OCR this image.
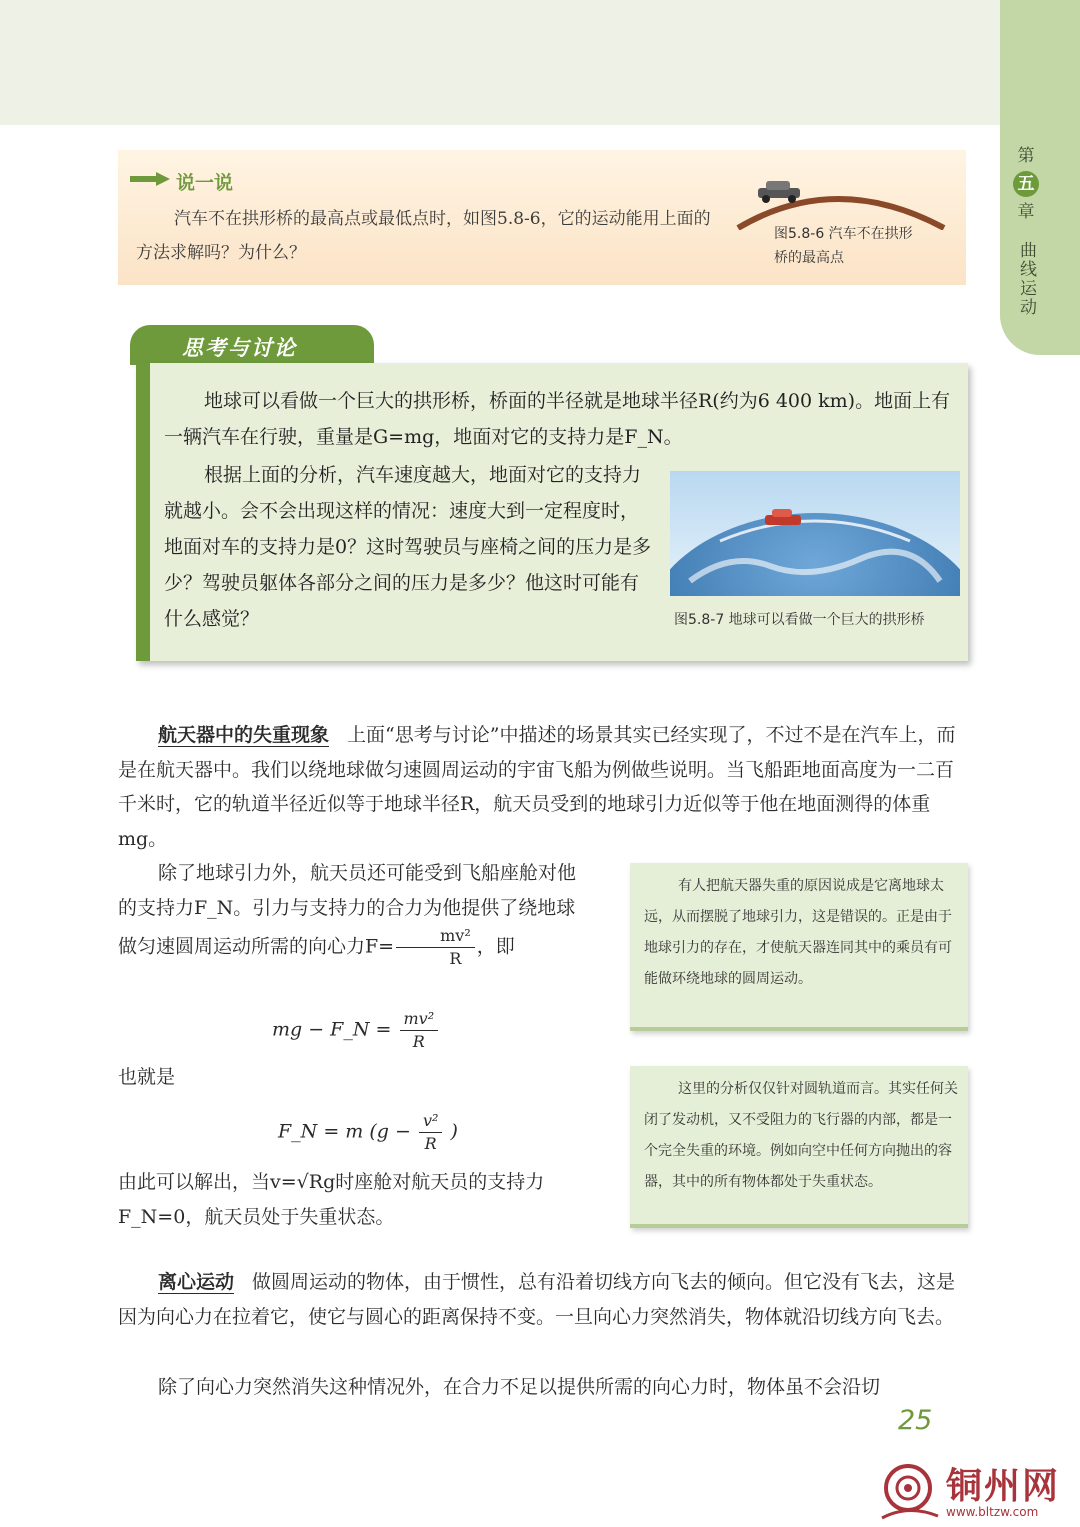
第
五
章
曲线运动
说一说
汽车不在拱形桥的最高点或最低点时，如图5.8-6，它的运动能用上面的方法求解吗？为什么？
图5.8-6 汽车不在拱形桥的最高点
思考与讨论
地球可以看做一个巨大的拱形桥，桥面的半径就是地球半径R(约为6 400 km)。地面上有一辆汽车在行驶，重量是G=mg，地面对它的支持力是F_N。
根据上面的分析，汽车速度越大，地面对它的支持力就越小。会不会出现这样的情况：速度大到一定程度时，地面对车的支持力是0？这时驾驶员与座椅之间的压力是多少？驾驶员躯体各部分之间的压力是多少？他这时可能有什么感觉？	图5.8-7 地球可以看做一个巨大的拱形桥
航天器中的失重现象 上面“思考与讨论”中描述的场景其实已经实现了，不过不是在汽车上，而是在航天器中。我们以绕地球做匀速圆周运动的宇宙飞船为例做些说明。当飞船距地面高度为一二百千米时，它的轨道半径近似等于地球半径R，航天员受到的地球引力近似等于他在地面测得的体重mg。
除了地球引力外，航天员还可能受到飞船座舱对他的支持力F_N。引力与支持力的合力为他提供了绕地球做匀速圆周运动所需的向心力$F= \frac{\text{mv²}}{R}$ ，即
mg − F_N = $\frac{\text{mv²}}{R}$
也就是
F_N = m ($g - \frac{\text{v²}}{R}$ )
由此可以解出，当v=√Rg时座舱对航天员的支持力F_N=0，航天员处于失重状态。
有人把航天器失重的原因说成是它离地球太远，从而摆脱了地球引力，这是错误的。正是由于地球引力的存在，才使航天器连同其中的乘员有可能做环绕地球的圆周运动。
这里的分析仅仅针对圆轨道而言。其实任何关闭了发动机，又不受阻力的飞行器的内部，都是一个完全失重的环境。例如向空中任何方向抛出的容器，其中的所有物体都处于失重状态。
离心运动 做圆周运动的物体，由于惯性，总有沿着切线方向飞去的倾向。但它没有飞去，这是因为向心力在拉着它，使它与圆心的距离保持不变。一旦向心力突然消失，物体就沿切线方向飞去。
除了向心力突然消失这种情况外，在合力不足以提供所需的向心力时，物体虽不会沿切
25
铜州网
www.bltzw.com
